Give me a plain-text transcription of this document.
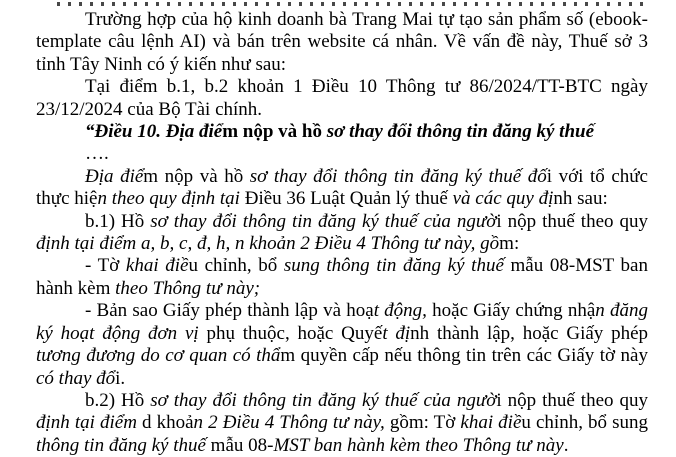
Trường hợp của hộ kinh doanh bà Trang Mai tự tạo sản phẩm số (ebook-template câu lệnh AI) và bán trên website cá nhân. Về vấn đề này, Thuế sở 3 tỉnh Tây Ninh có ý kiến như sau:

Tại điểm b.1, b.2 khoản 1 Điều 10 Thông tư 86/2024/TT-BTC ngày 23/12/2024 của Bộ Tài chính.

“Điều 10. Địa điểm nộp và hồ sơ thay đổi thông tin đăng ký thuế

….

Địa điểm nộp và hồ sơ thay đổi thông tin đăng ký thuế đối với tổ chức thực hiện theo quy định tại Điều 36 Luật Quản lý thuế và các quy định sau:

b.1) Hồ sơ thay đổi thông tin đăng ký thuế của người nộp thuế theo quy định tại điểm a, b, c, đ, h, n khoản 2 Điều 4 Thông tư này, gồm:

- Tờ khai điều chỉnh, bổ sung thông tin đăng ký thuế mẫu 08-MST ban hành kèm theo Thông tư này;

- Bản sao Giấy phép thành lập và hoạt động, hoặc Giấy chứng nhận đăng ký hoạt động đơn vị phụ thuộc, hoặc Quyết định thành lập, hoặc Giấy phép tương đương do cơ quan có thẩm quyền cấp nếu thông tin trên các Giấy tờ này có thay đổi.

b.2) Hồ sơ thay đổi thông tin đăng ký thuế của người nộp thuế theo quy định tại điểm d khoản 2 Điều 4 Thông tư này, gồm: Tờ khai điều chỉnh, bổ sung thông tin đăng ký thuế mẫu 08-MST ban hành kèm theo Thông tư này.
